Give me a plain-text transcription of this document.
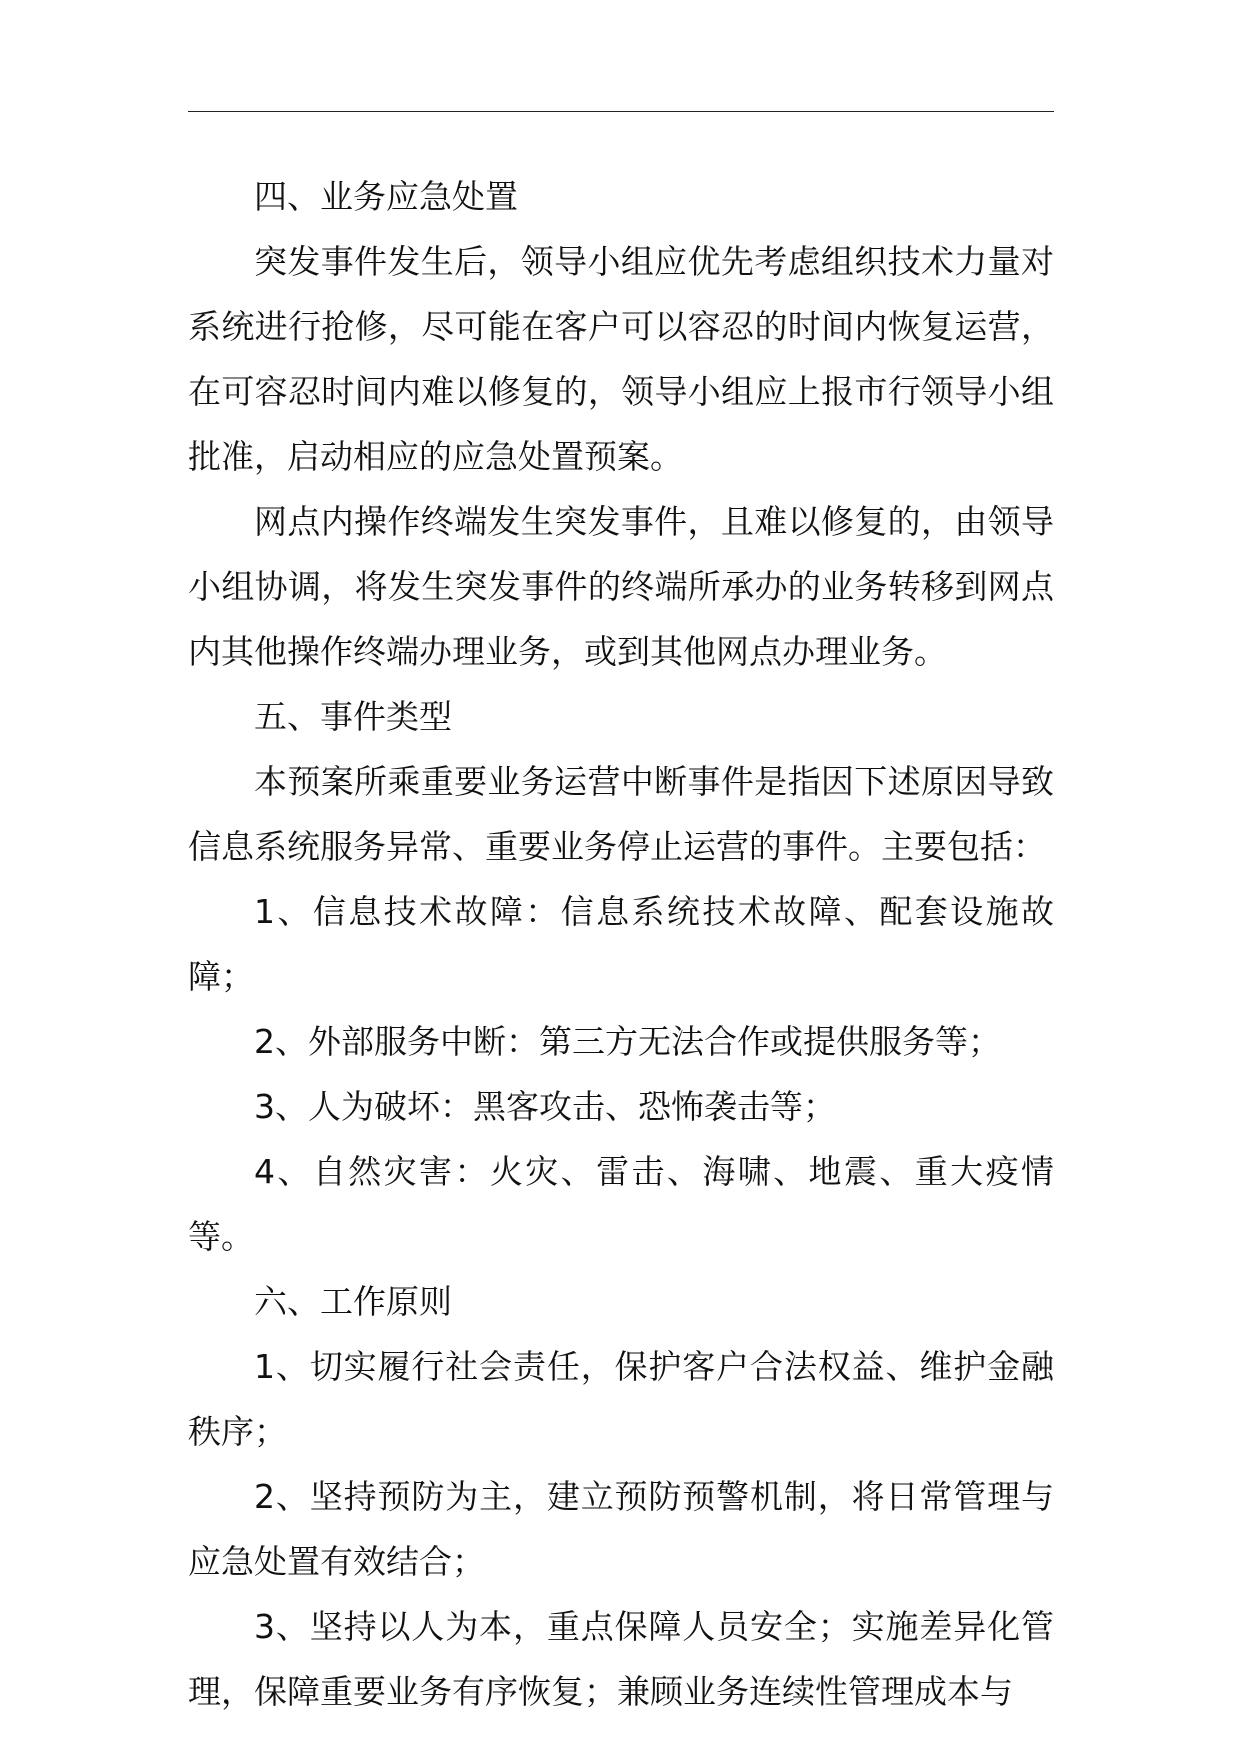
四、业务应急处置

突发事件发生后，领导小组应优先考虑组织技术力量对系统进行抢修，尽可能在客户可以容忍的时间内恢复运营，在可容忍时间内难以修复的，领导小组应上报市行领导小组批准，启动相应的应急处置预案。

网点内操作终端发生突发事件，且难以修复的，由领导小组协调，将发生突发事件的终端所承办的业务转移到网点内其他操作终端办理业务，或到其他网点办理业务。

五、事件类型

本预案所乘重要业务运营中断事件是指因下述原因导致信息系统服务异常、重要业务停止运营的事件。主要包括：

1、信息技术故障：信息系统技术故障、配套设施故障；

2、外部服务中断：第三方无法合作或提供服务等；

3、人为破坏：黑客攻击、恐怖袭击等；

4、自然灾害：火灾、雷击、海啸、地震、重大疫情等。

六、工作原则

1、切实履行社会责任，保护客户合法权益、维护金融秩序；

2、坚持预防为主，建立预防预警机制，将日常管理与应急处置有效结合；

3、坚持以人为本，重点保障人员安全；实施差异化管理，保障重要业务有序恢复；兼顾业务连续性管理成本与
